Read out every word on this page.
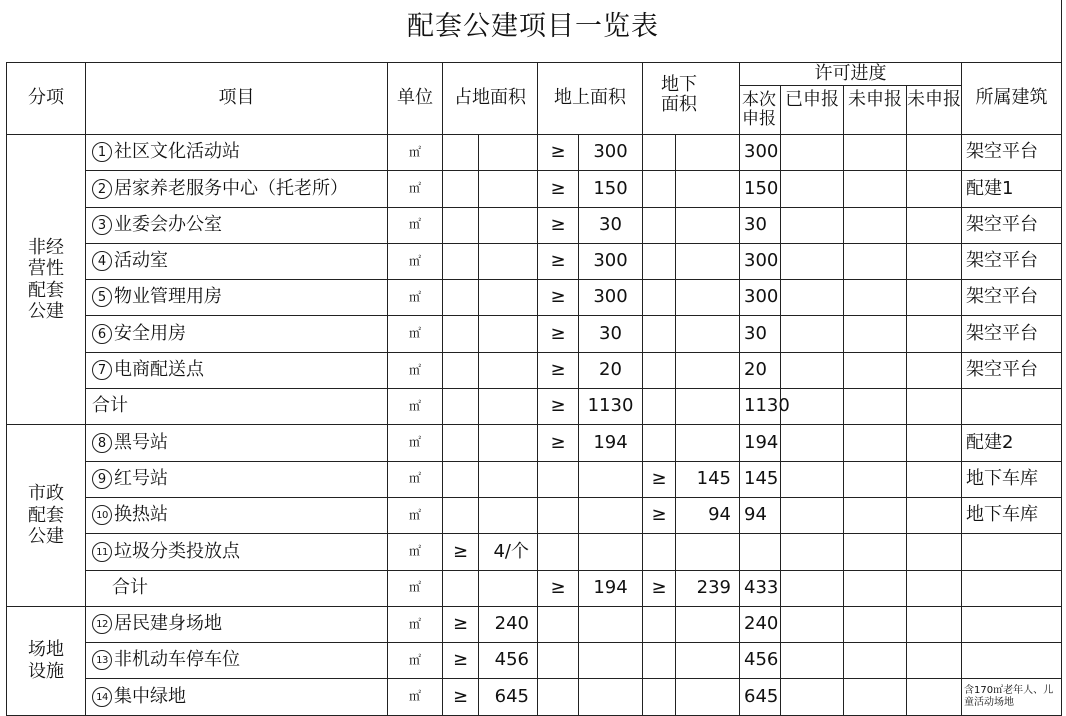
配套公建项目一览表
分项	项目	单位	占地面积		地上面积		地下面积		许可进度				所属建筑
									本次申报	已申报	未申报	未申报	
非经营性配套公建	1 社区文化活动站	㎡			≥	300			300				架空平台
	2 居家养老服务中心（托老所）	㎡			≥	150			150				配建1
	3 业委会办公室	㎡			≥	30			30				架空平台
	4 活动室	㎡			≥	300			300				架空平台
	5 物业管理用房	㎡			≥	300			300				架空平台
	6 安全用房	㎡			≥	30			30				架空平台
	7 电商配送点	㎡			≥	20			20				架空平台
	合计	㎡			≥	1130			1130				
市政配套公建	8 黑号站	㎡			≥	194			194				配建2
	9 红号站	㎡					≥	145	145				地下车库
	10 换热站	㎡					≥	94	94				地下车库
	11 垃圾分类投放点	㎡	≥	4/个									
	合计	㎡			≥	194	≥	239	433				
场地设施	12 居民建身场地	㎡	≥	240					240				
	13 非机动车停车位	㎡	≥	456					456				
	14 集中绿地	㎡	≥	645					645				含170㎡老年人、儿童活动场地
